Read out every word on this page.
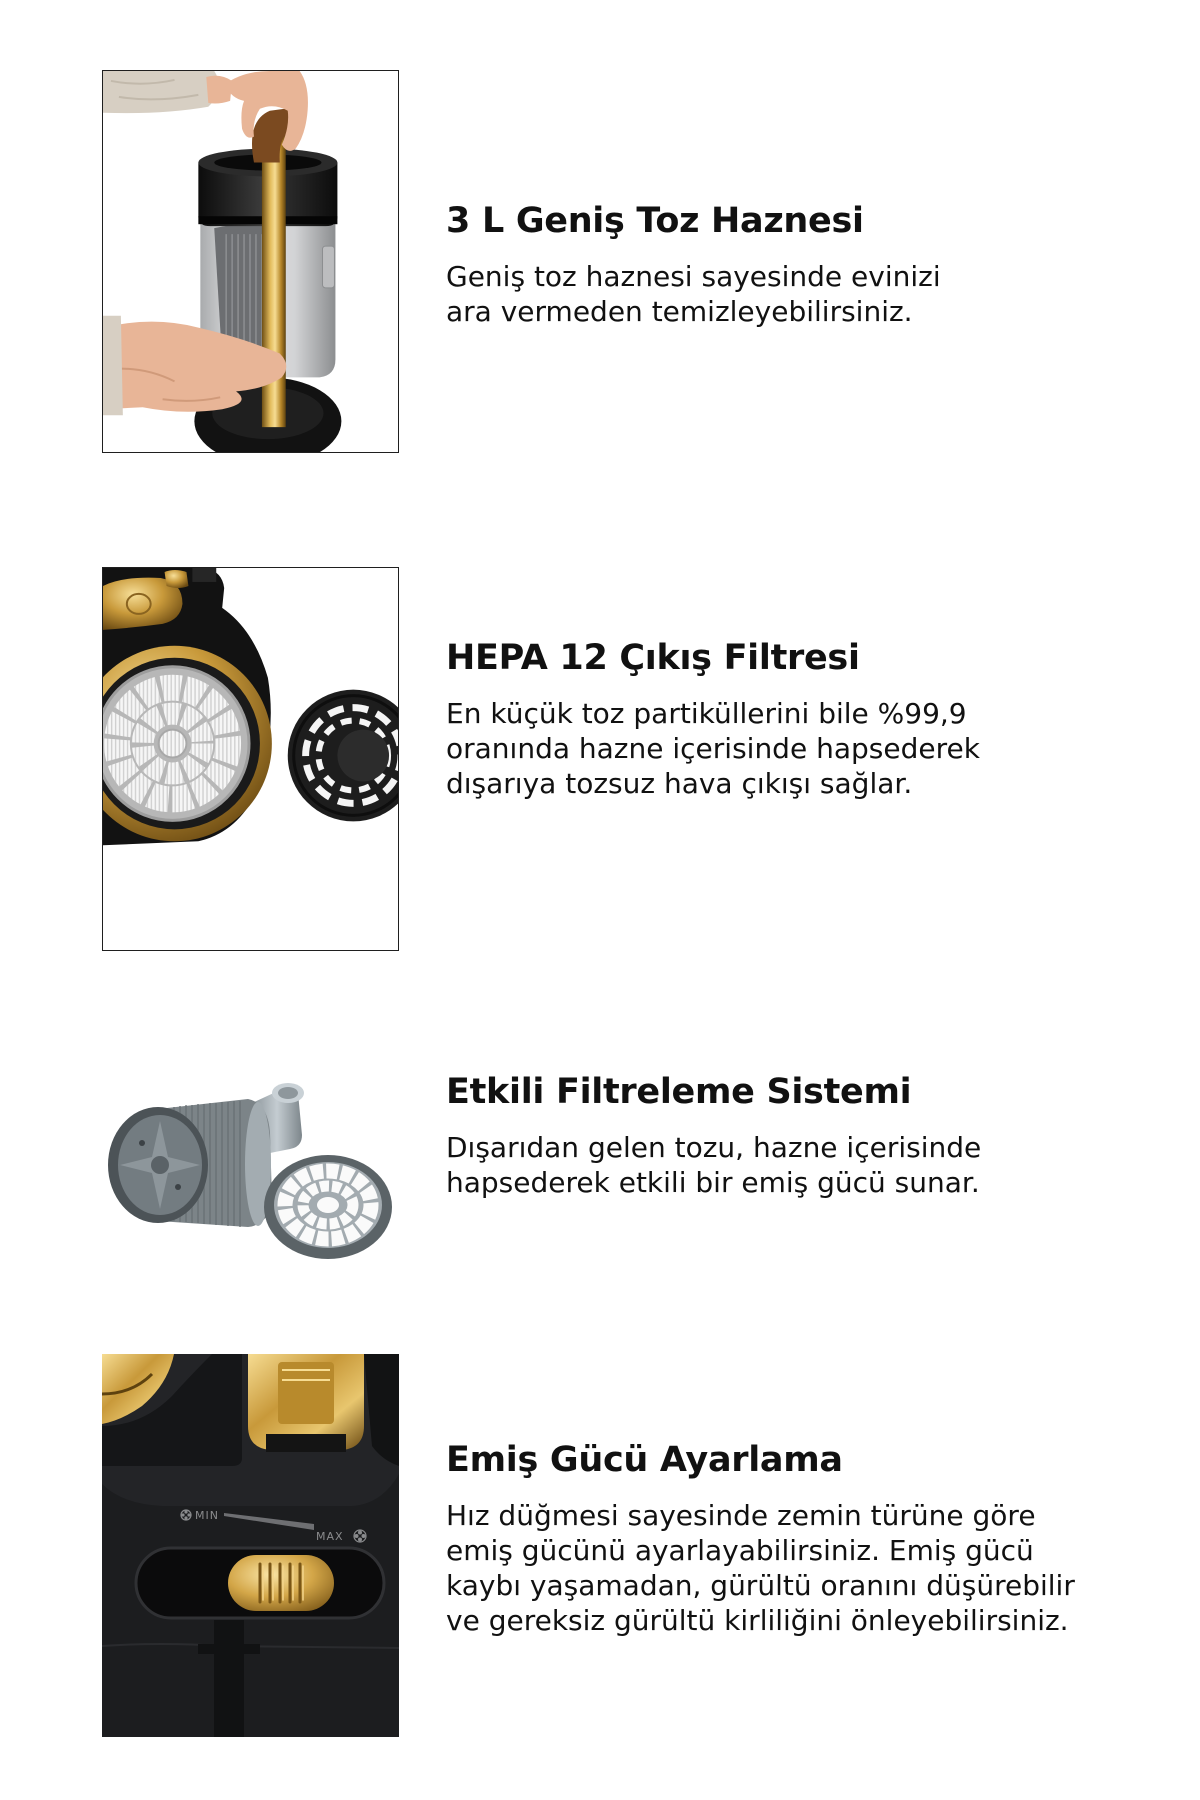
3 L Geniş Toz Haznesi

Geniş toz haznesi sayesinde evinizi
ara vermeden temizleyebilirsiniz.

HEPA 12 Çıkış Filtresi

En küçük toz partiküllerini bile %99,9
oranında hazne içerisinde hapsederek
dışarıya tozsuz hava çıkışı sağlar.

Etkili Filtreleme Sistemi

Dışarıdan gelen tozu, hazne içerisinde
hapsederek etkili bir emiş gücü sunar.

MIN
MAX
Emiş Gücü Ayarlama

Hız düğmesi sayesinde zemin türüne göre
emiş gücünü ayarlayabilirsiniz. Emiş gücü
kaybı yaşamadan, gürültü oranını düşürebilir
ve gereksiz gürültü kirliliğini önleyebilirsiniz.
